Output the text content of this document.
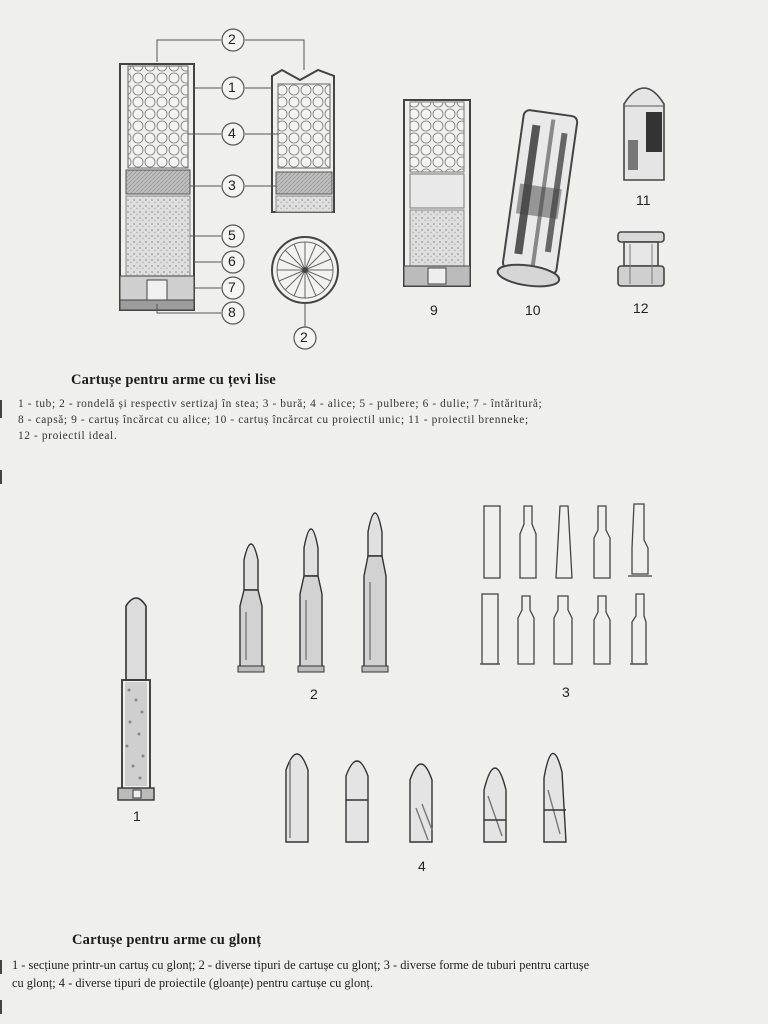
2
1
4
3
5
6
7
8
2
9	10
11
12
Cartușe pentru arme cu țevi lise
1 - tub; 2 - rondelă și respectiv sertizaj în stea; 3 - bură; 4 - alice; 5 - pulbere; 6 - dulie; 7 - întăritură;
8 - capsă; 9 - cartuș încărcat cu alice; 10 - cartuș încărcat cu proiectil unic; 11 - proiectil brenneke;
12 - proiectil ideal.
1
2	3
4
Cartușe pentru arme cu glonț
1 - secțiune printr-un cartuș cu glonț; 2 - diverse tipuri de cartușe cu glonț; 3 - diverse forme de tuburi pentru cartușe
cu glonț; 4 - diverse tipuri de proiectile (gloanțe) pentru cartușe cu glonț.
